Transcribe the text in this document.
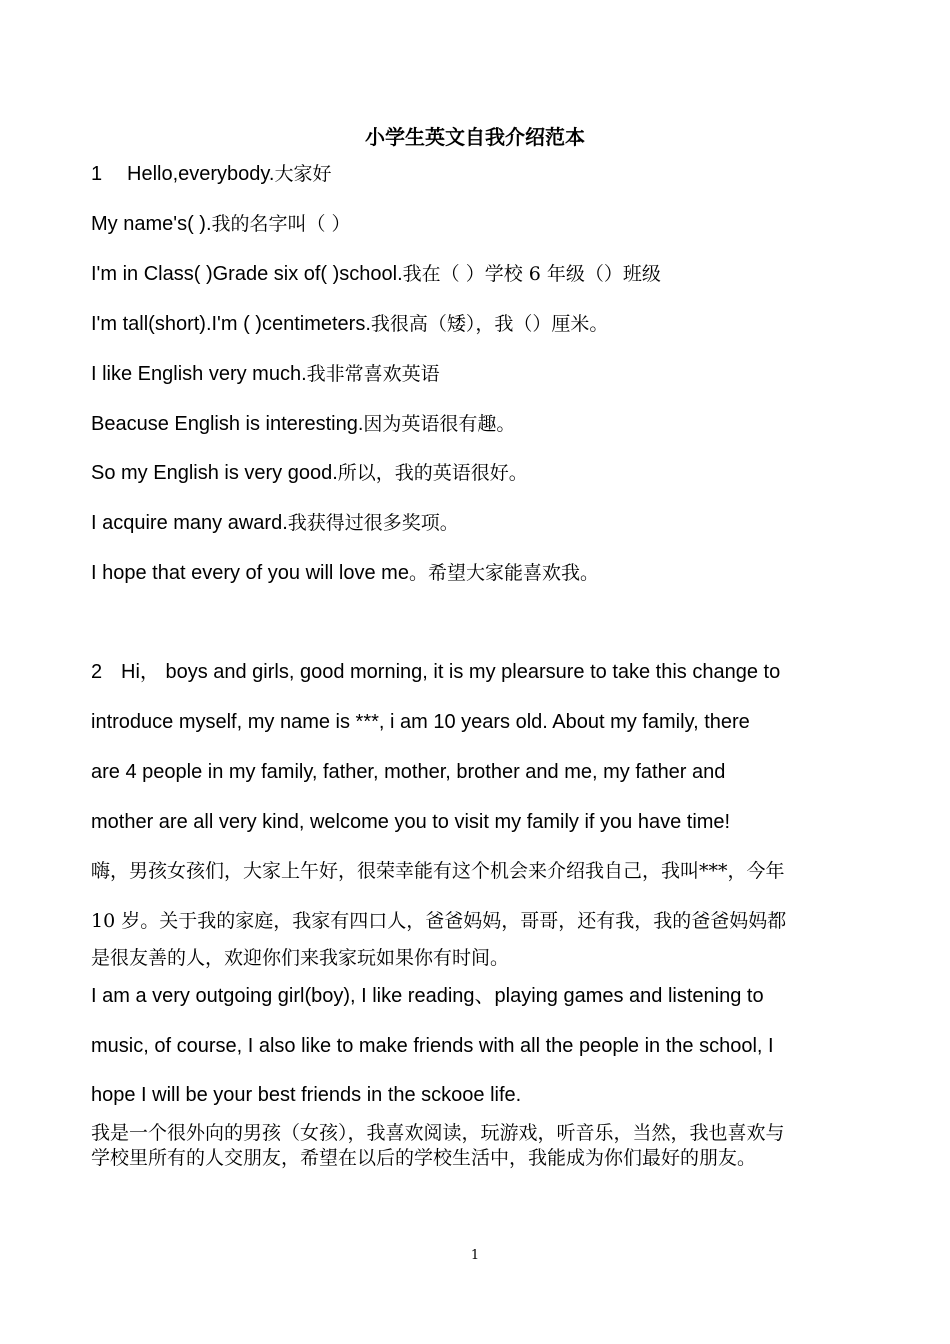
小学生英文自我介绍范本
1 Hello,everybody.大家好
My name's( ).我的名字叫（ ）
I'm in Class( )Grade six of( )school.我在（ ）学校 6 年级（）班级
I'm tall(short).I'm ( )centimeters.我很高（矮），我（）厘米。
I like English very much.我非常喜欢英语
Beacuse English is interesting.因为英语很有趣。
So my English is very good.所以，我的英语很好。
I acquire many award.我获得过很多奖项。
I hope that every of you will love me。希望大家能喜欢我。
2 Hi， boys and girls, good morning, it is my plearsure to take this change to
introduce myself, my name is ***, i am 10 years old. About my family, there
are 4 people in my family, father, mother, brother and me, my father and
mother are all very kind, welcome you to visit my family if you have time!
嗨，男孩女孩们，大家上午好，很荣幸能有这个机会来介绍我自己，我叫***，今年
10 岁。关于我的家庭，我家有四口人，爸爸妈妈，哥哥，还有我，我的爸爸妈妈都
是很友善的人，欢迎你们来我家玩如果你有时间。
I am a very outgoing girl(boy), I like reading、playing games and listening to
music, of course, I also like to make friends with all the people in the school, I
hope I will be your best friends in the sckooe life.
我是一个很外向的男孩（女孩），我喜欢阅读，玩游戏，听音乐，当然，我也喜欢与
学校里所有的人交朋友，希望在以后的学校生活中，我能成为你们最好的朋友。
1
